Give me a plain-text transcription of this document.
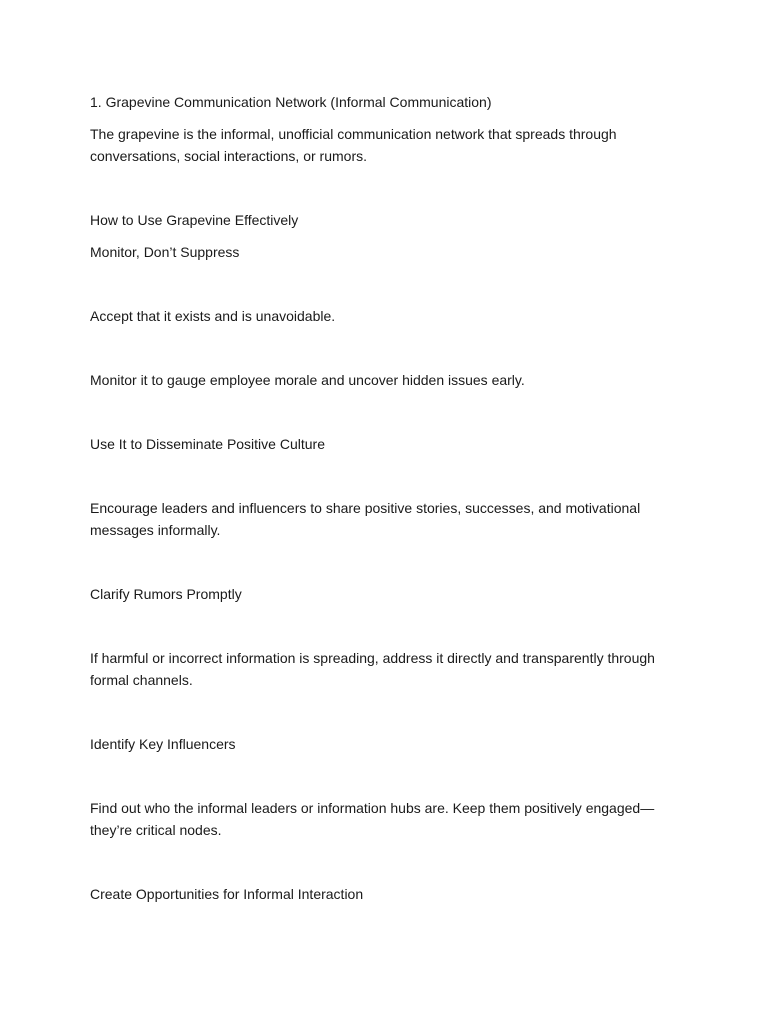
1. Grapevine Communication Network (Informal Communication)

The grapevine is the informal, unofficial communication network that spreads through conversations, social interactions, or rumors.

How to Use Grapevine Effectively

Monitor, Don’t Suppress

Accept that it exists and is unavoidable.

Monitor it to gauge employee morale and uncover hidden issues early.

Use It to Disseminate Positive Culture

Encourage leaders and influencers to share positive stories, successes, and motivational messages informally.

Clarify Rumors Promptly

If harmful or incorrect information is spreading, address it directly and transparently through formal channels.

Identify Key Influencers

Find out who the informal leaders or information hubs are. Keep them positively engaged—they’re critical nodes.

Create Opportunities for Informal Interaction
